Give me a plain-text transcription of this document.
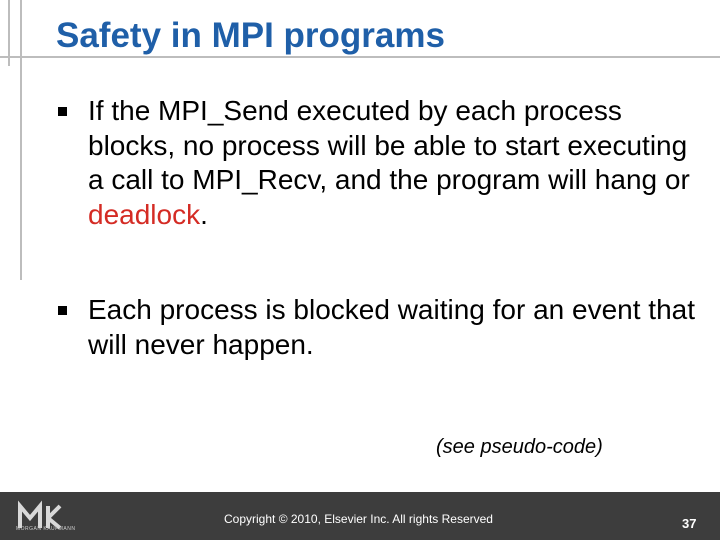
Safety in MPI programs
If the MPI_Send executed by each process blocks, no process will be able to start executing a call to MPI_Recv, and the program will hang or deadlock.
Each process is blocked waiting for an event that will never happen.
(see pseudo-code)
MORGAN KAUFMANN
Copyright © 2010, Elsevier Inc. All rights Reserved	37
